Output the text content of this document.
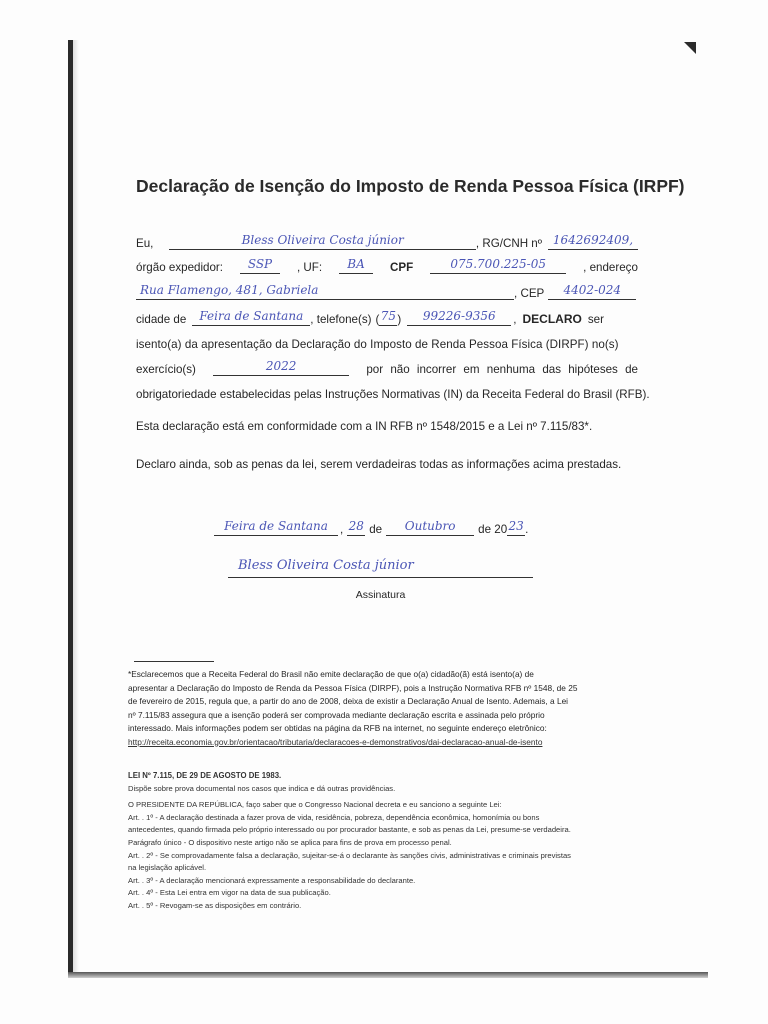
Declaração de Isenção do Imposto de Renda Pessoa Física (IRPF)
Eu,	Bless Oliveira Costa júnior	, RG/CNH nº 1642692409,
órgão expedidor:	SSP	, UF:	BA	CPF	075.700.225-05	, endereço
Rua Flamengo, 481, Gabriela	, CEP	4402-024
cidade de	Feira de Santana , telefone(s) ( 75 )	99226-9356	, DECLARO ser
isento(a) da apresentação da Declaração do Imposto de Renda Pessoa Física (DIRPF) no(s)
exercício(s)	2022	por não incorrer em nenhuma das hipóteses de
obrigatoriedade estabelecidas pelas Instruções Normativas (IN) da Receita Federal do Brasil (RFB).
Esta declaração está em conformidade com a IN RFB nº 1548/2015 e a Lei nº 7.115/83*.
Declaro ainda, sob as penas da lei, serem verdadeiras todas as informações acima prestadas.
Feira de Santana	, 28 de	Outubro	de 20 23 .
Bless Oliveira Costa júnior
Assinatura
*Esclarecemos que a Receita Federal do Brasil não emite declaração de que o(a) cidadão(ã) está isento(a) de
apresentar a Declaração do Imposto de Renda da Pessoa Física (DIRPF), pois a Instrução Normativa RFB nº 1548, de 25
de fevereiro de 2015, regula que, a partir do ano de 2008, deixa de existir a Declaração Anual de Isento. Ademais, a Lei
nº 7.115/83 assegura que a isenção poderá ser comprovada mediante declaração escrita e assinada pelo próprio
interessado. Mais informações podem ser obtidas na página da RFB na internet, no seguinte endereço eletrônico:
http://receita.economia.gov.br/orientacao/tributaria/declaracoes-e-demonstrativos/dai-declaracao-anual-de-isento
LEI Nº 7.115, DE 29 DE AGOSTO DE 1983.
Dispõe sobre prova documental nos casos que indica e dá outras providências.
O PRESIDENTE DA REPÚBLICA, faço saber que o Congresso Nacional decreta e eu sanciono a seguinte Lei:
Art. . 1º - A declaração destinada a fazer prova de vida, residência, pobreza, dependência econômica, homonímia ou bons
antecedentes, quando firmada pelo próprio interessado ou por procurador bastante, e sob as penas da Lei, presume-se verdadeira.
Parágrafo único - O dispositivo neste artigo não se aplica para fins de prova em processo penal.
Art. . 2º - Se comprovadamente falsa a declaração, sujeitar-se-á o declarante às sanções civis, administrativas e criminais previstas
na legislação aplicável.
Art. . 3º - A declaração mencionará expressamente a responsabilidade do declarante.
Art. . 4º - Esta Lei entra em vigor na data de sua publicação.
Art. . 5º - Revogam-se as disposições em contrário.
